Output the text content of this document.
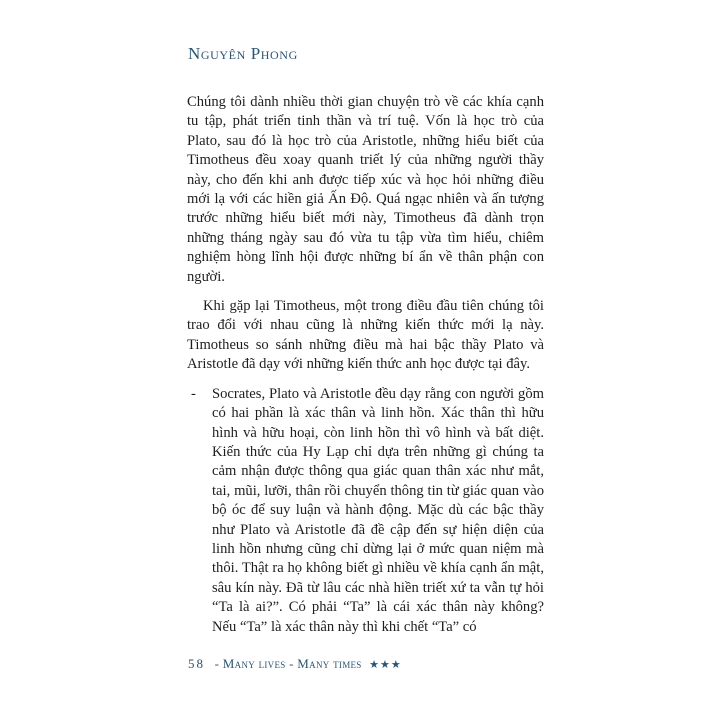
Nguyên Phong

Chúng tôi dành nhiều thời gian chuyện trò về các khía cạnh tu tập, phát triển tinh thần và trí tuệ. Vốn là học trò của Plato, sau đó là học trò của Aristotle, những hiểu biết của Timotheus đều xoay quanh triết lý của những người thầy này, cho đến khi anh được tiếp xúc và học hỏi những điều mới lạ với các hiền giả Ấn Độ. Quá ngạc nhiên và ấn tượng trước những hiểu biết mới này, Timotheus đã dành trọn những tháng ngày sau đó vừa tu tập vừa tìm hiểu, chiêm nghiệm hòng lĩnh hội được những bí ẩn về thân phận con người.

Khi gặp lại Timotheus, một trong điều đầu tiên chúng tôi trao đổi với nhau cũng là những kiến thức mới lạ này. Timotheus so sánh những điều mà hai bậc thầy Plato và Aristotle đã dạy với những kiến thức anh học được tại đây.

- Socrates, Plato và Aristotle đều dạy rằng con người gồm có hai phần là xác thân và linh hồn. Xác thân thì hữu hình và hữu hoại, còn linh hồn thì vô hình và bất diệt. Kiến thức của Hy Lạp chỉ dựa trên những gì chúng ta cảm nhận được thông qua giác quan thân xác như mắt, tai, mũi, lưỡi, thân rồi chuyển thông tin từ giác quan vào bộ óc để suy luận và hành động. Mặc dù các bậc thầy như Plato và Aristotle đã đề cập đến sự hiện diện của linh hồn nhưng cũng chỉ dừng lại ở mức quan niệm mà thôi. Thật ra họ không biết gì nhiều về khía cạnh ẩn mật, sâu kín này. Đã từ lâu các nhà hiền triết xứ ta vẫn tự hỏi “Ta là ai?”. Có phải “Ta” là cái xác thân này không? Nếu “Ta” là xác thân này thì khi chết “Ta” có
58 - Many lives - Many times ★★★
